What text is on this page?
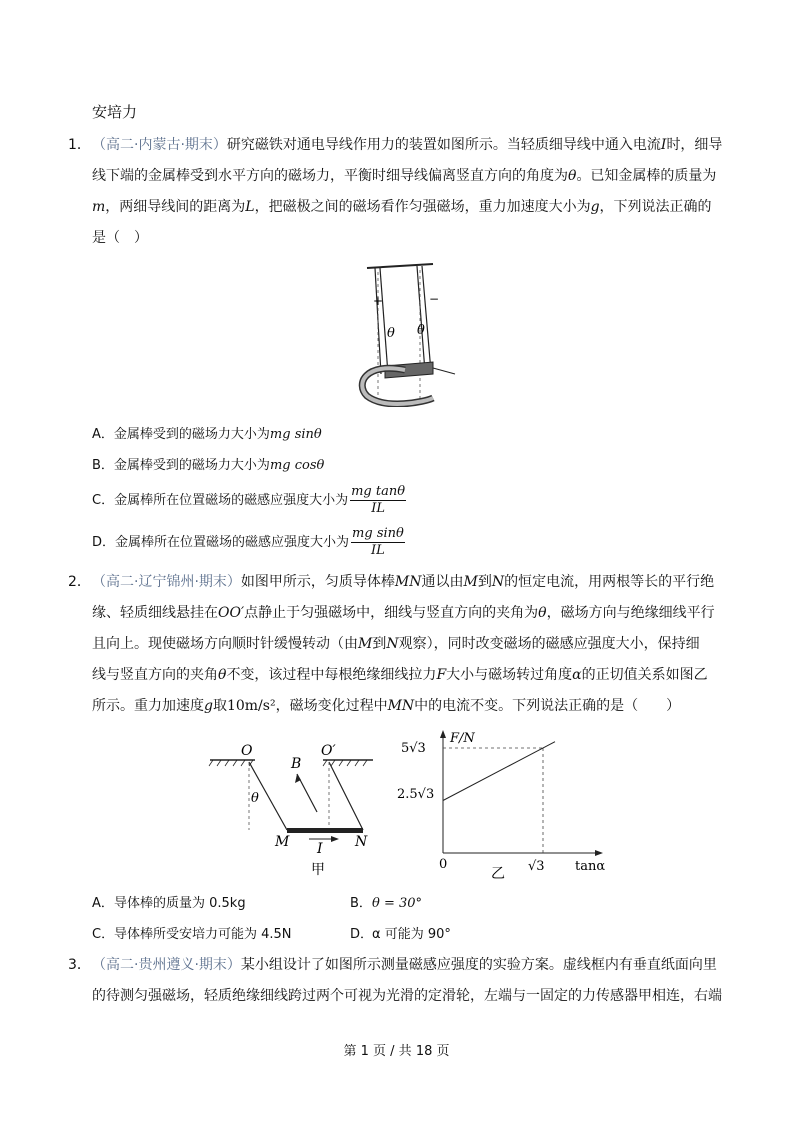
安培力
1． （高二·内蒙古·期末）研究磁铁对通电导线作用力的装置如图所示。当轻质细导线中通入电流I时，细导
线下端的金属棒受到水平方向的磁场力，平衡时细导线偏离竖直方向的角度为θ。已知金属棒的质量为
m，两细导线间的距离为L，把磁极之间的磁场看作匀强磁场，重力加速度大小为g，下列说法正确的
是（　）
+	−
θ θ
A．金属棒受到的磁场力大小为mg sinθ
B．金属棒受到的磁场力大小为mg cosθ
C．金属棒所在位置磁场的磁感应强度大小为 $\frac{\text{mg tanθ}}{IL}$
D．金属棒所在位置磁场的磁感应强度大小为 $\frac{\text{mg sinθ}}{IL}$
2． （高二·辽宁锦州·期末）如图甲所示，匀质导体棒MN通以由M到N的恒定电流，用两根等长的平行绝
缘、轻质细线悬挂在OO′点静止于匀强磁场中，细线与竖直方向的夹角为θ，磁场方向与绝缘细线平行
且向上。现使磁场方向顺时针缓慢转动（由M到N观察），同时改变磁场的磁感应强度大小，保持细
线与竖直方向的夹角θ不变，该过程中每根绝缘细线拉力F大小与磁场转过角度α的正切值关系如图乙
所示。重力加速度g取10m/s²，磁场变化过程中MN中的电流不变。下列说法正确的是（　　）
O	O′
θ
B
M	N
I
甲
F/N
5√3
2.5√3
0	√3 tanα
乙
A． 导体棒的质量为 0.5kg	B． θ = 30°
C． 导体棒所受安培力可能为 4.5N	D．
α 可能为 90°
3． （高二·贵州遵义·期末）某小组设计了如图所示测量磁感应强度的实验方案。虚线框内有垂直纸面向里
的待测匀强磁场，轻质绝缘细线跨过两个可视为光滑的定滑轮，左端与一固定的力传感器甲相连，右端
第 1 页 / 共 18 页
